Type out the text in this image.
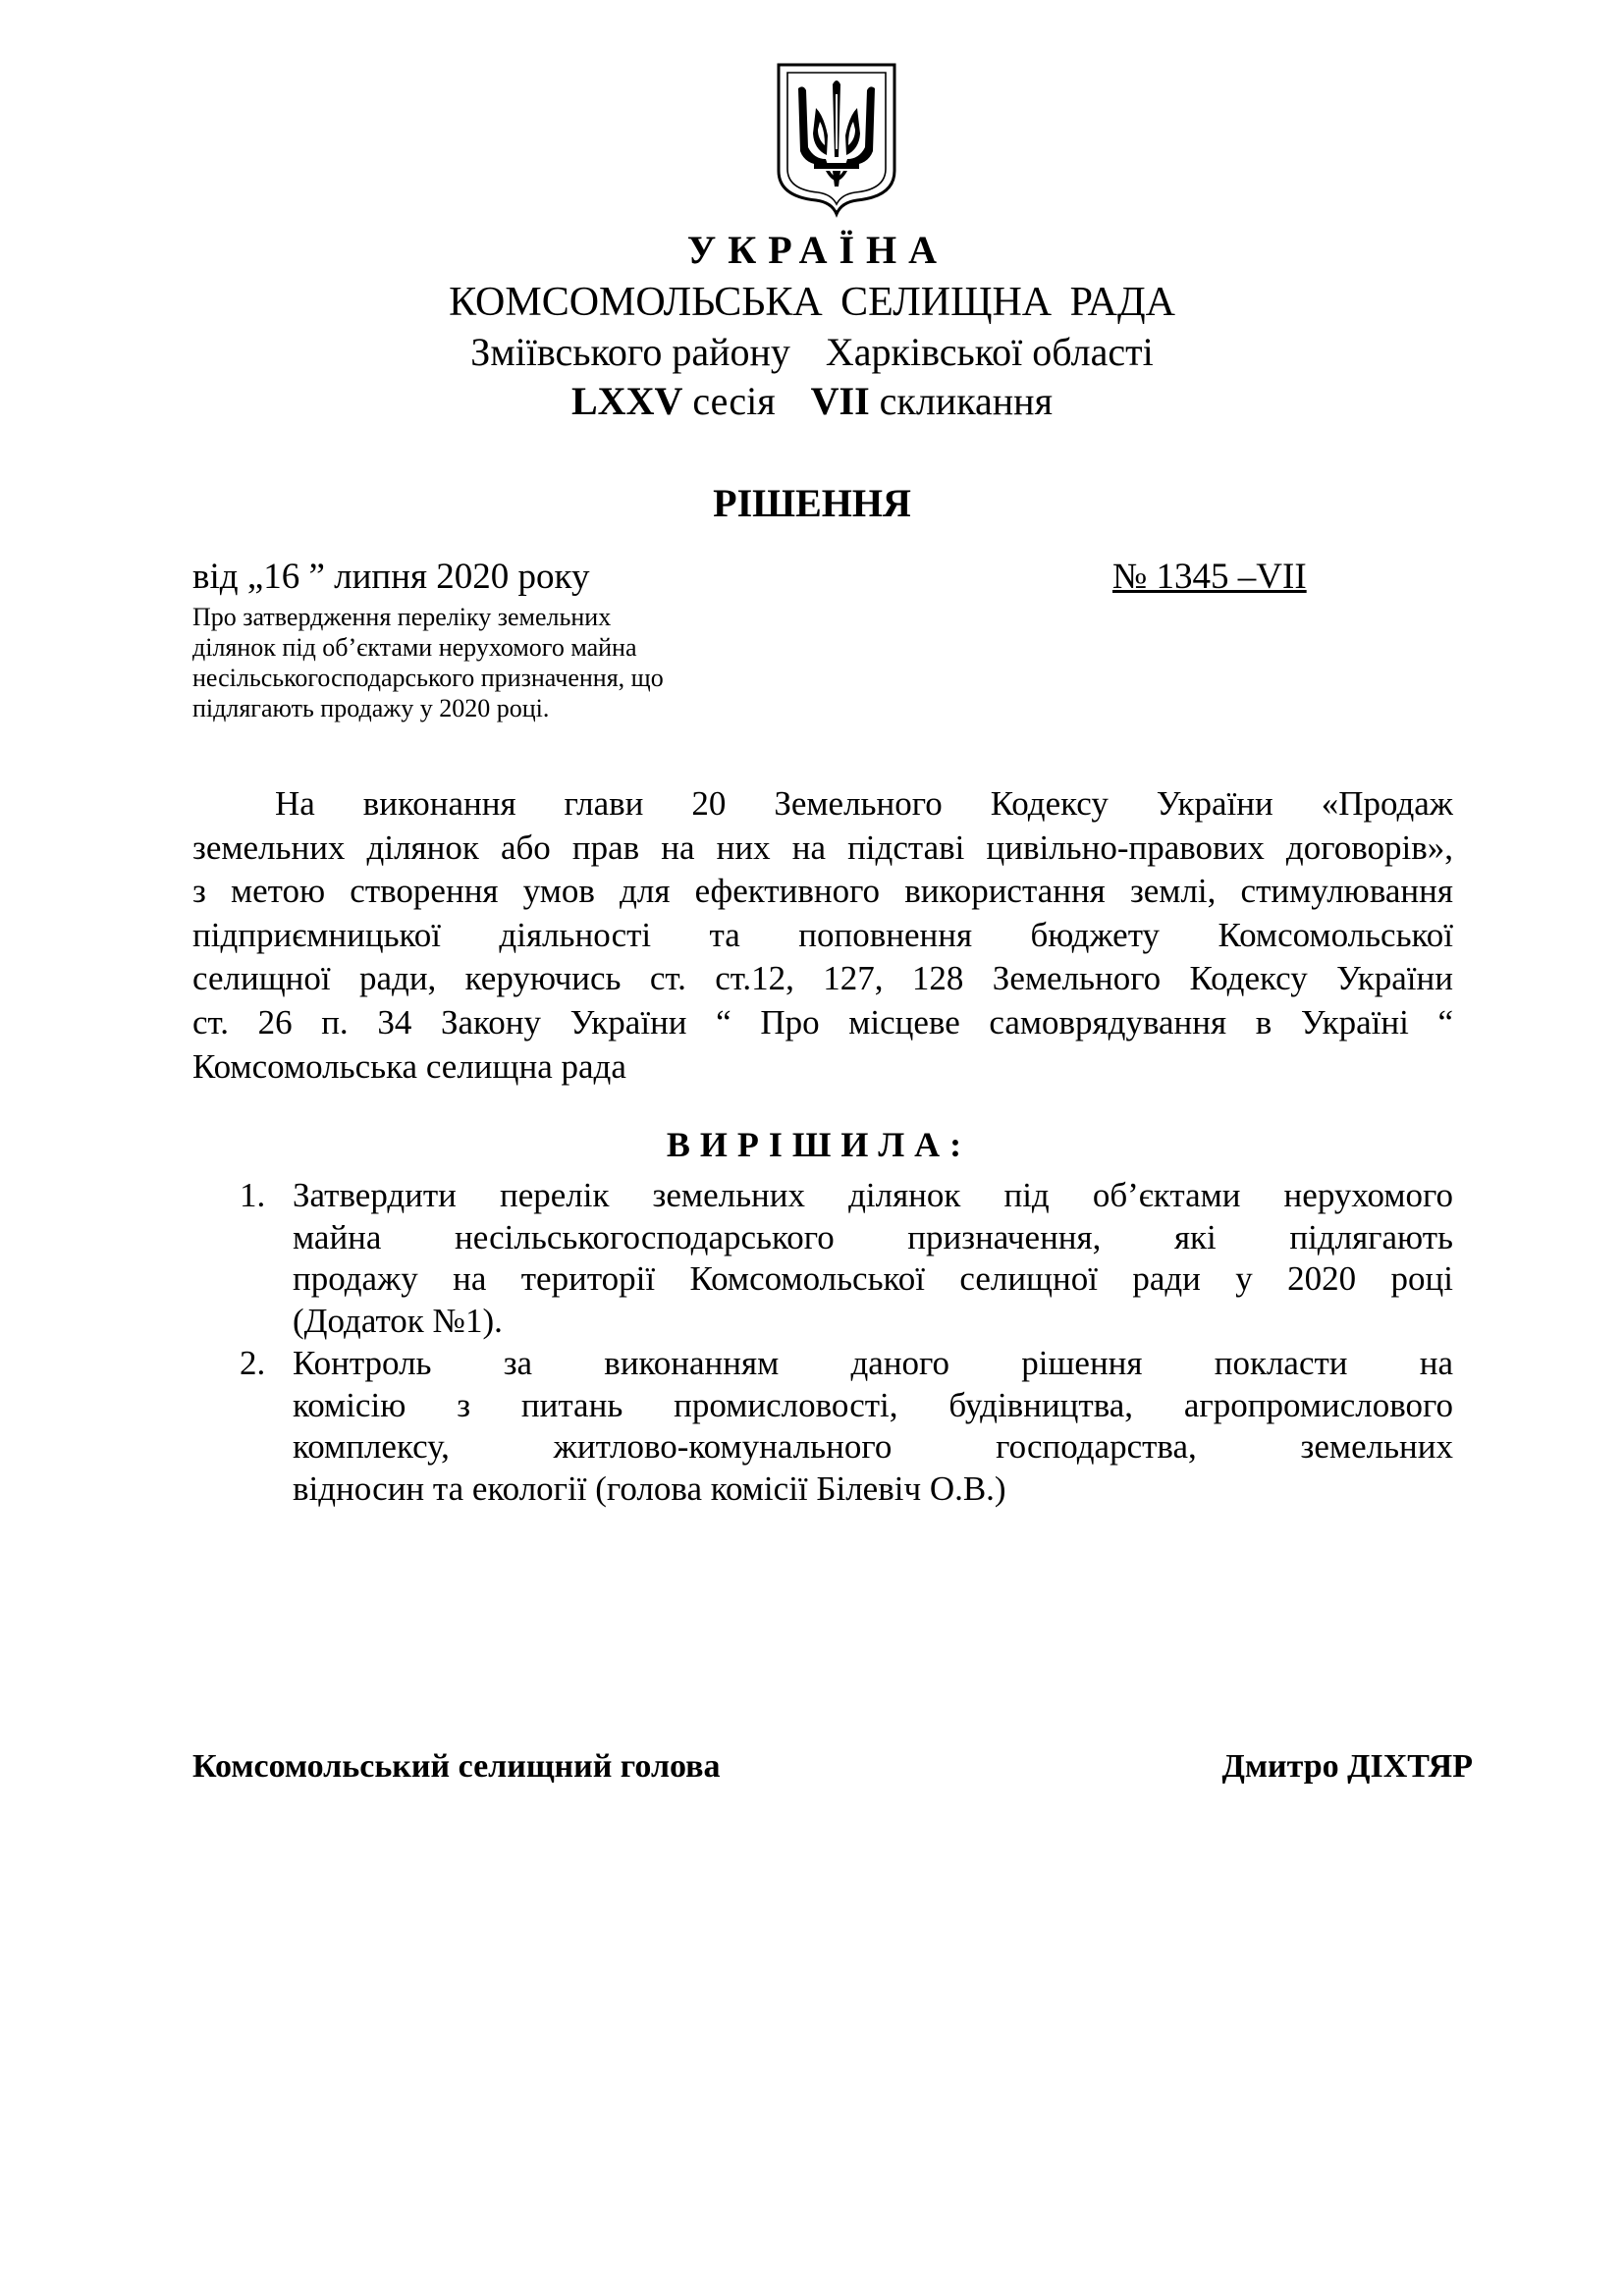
УКРАЇНА
КОМСОМОЛЬСЬКА СЕЛИЩНА РАДА
Зміївського району Харківської області
LXXV сесія VII скликання
РІШЕННЯ
від „16 ” липня 2020 року	№ 1345 –VII
Про затвердження переліку земельних
ділянок під об’єктами нерухомого майна
несільськогосподарського призначення, що
підлягають продажу у 2020 році.
На виконання глави 20 Земельного Кодексу України «Продаж
земельних ділянок або прав на них на підставі цивільно-правових договорів»,
з метою створення умов для ефективного використання землі, стимулювання
підприємницької діяльності та поповнення бюджету Комсомольської
селищної ради, керуючись ст. ст.12, 127, 128 Земельного Кодексу України
ст. 26 п. 34 Закону України “ Про місцеве самоврядування в Україні “
Комсомольська селищна рада
ВИРІШИЛА:
1. Затвердити перелік земельних ділянок під об’єктами нерухомого
майна несільськогосподарського призначення, які підлягають
продажу на території Комсомольської селищної ради у 2020 році
(Додаток №1).
2. Контроль за виконанням даного рішення покласти на
комісію з питань промисловості, будівництва, агропромислового
комплексу, житлово-комунального господарства, земельних
відносин та екології (голова комісії Білевіч О.В.)
Комсомольський селищний голова	Дмитро ДІХТЯР
